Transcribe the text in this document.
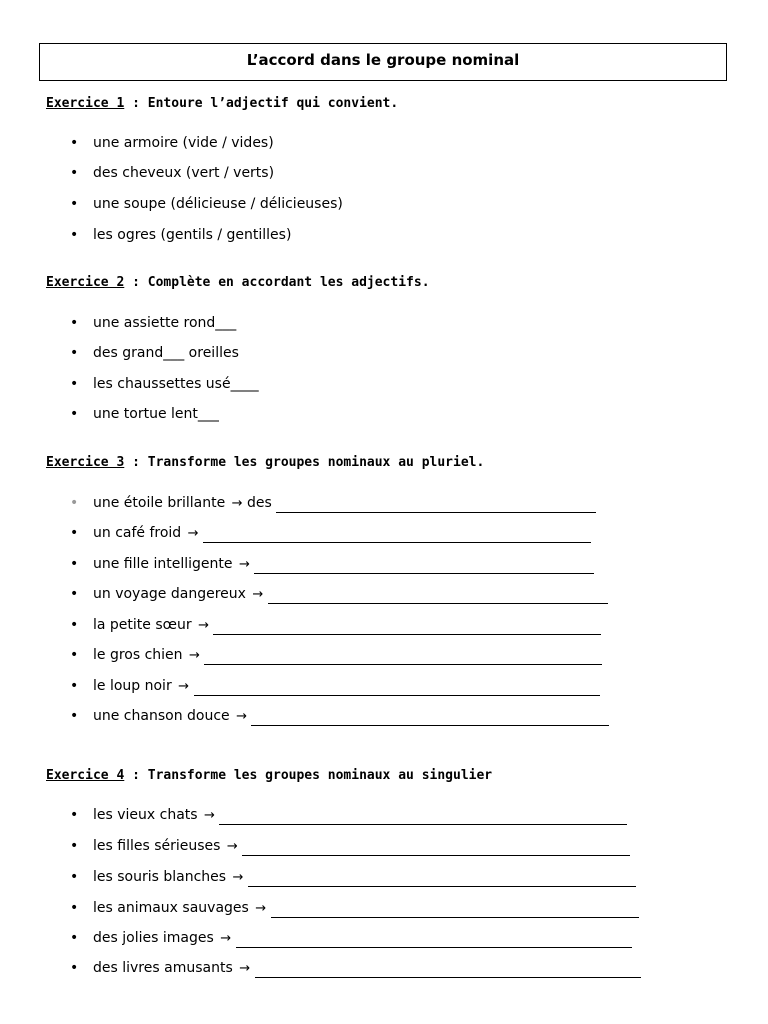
L’accord dans le groupe nominal
Exercice 1 : Entoure l’adjectif qui convient.
• une armoire (vide / vides)
• des cheveux (vert / verts)
• une soupe (délicieuse / délicieuses)
• les ogres (gentils / gentilles)
Exercice 2 : Complète en accordant les adjectifs.
• une assiette rond___
• des grand___ oreilles
• les chaussettes usé____
• une tortue lent___
Exercice 3 : Transforme les groupes nominaux au pluriel.
• une étoile brillante → des
• un café froid →
• une fille intelligente →
• un voyage dangereux →
• la petite sœur →
• le gros chien →
• le loup noir →
• une chanson douce →
Exercice 4 : Transforme les groupes nominaux au singulier
• les vieux chats →
• les filles sérieuses →
• les souris blanches →
• les animaux sauvages →
• des jolies images →
• des livres amusants →
